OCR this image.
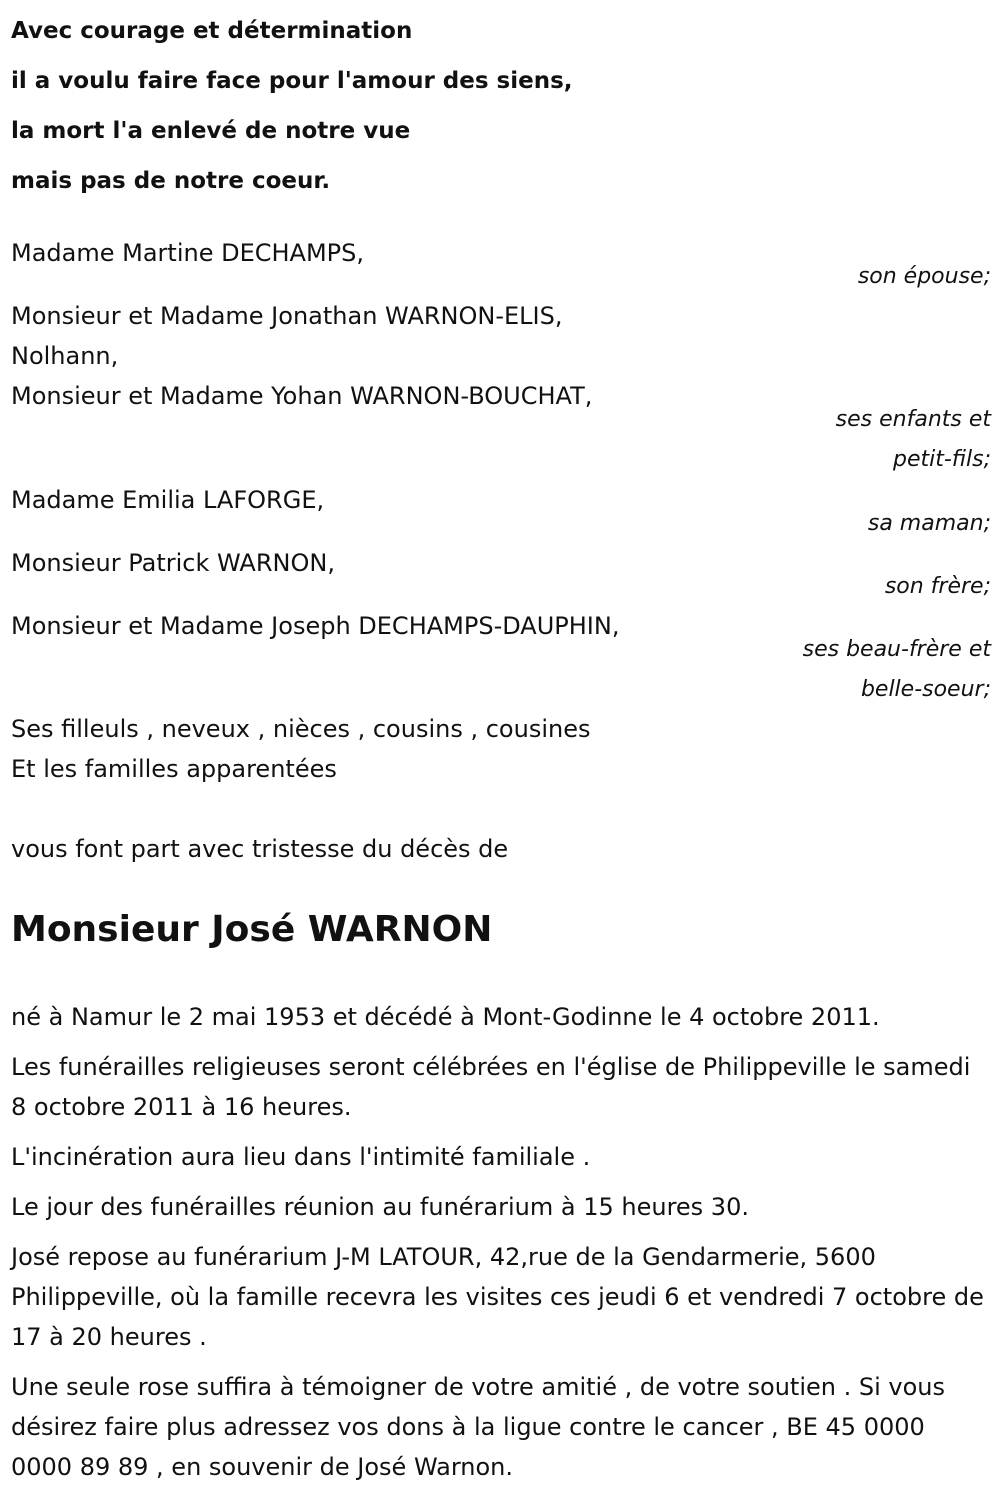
Avec courage et détermination

il a voulu faire face pour l'amour des siens,

la mort l'a enlevé de notre vue

mais pas de notre coeur.

Madame Martine DECHAMPS,
son épouse;
Monsieur et Madame Jonathan WARNON-ELIS,
Nolhann,
Monsieur et Madame Yohan WARNON-BOUCHAT,
ses enfants et
petit-fils;
Madame Emilia LAFORGE,
sa maman;
Monsieur Patrick WARNON,
son frère;
Monsieur et Madame Joseph DECHAMPS-DAUPHIN,
ses beau-frère et
belle-soeur;
Ses filleuls , neveux , nièces , cousins , cousines
Et les familles apparentées
vous font part avec tristesse du décès de
Monsieur José WARNON

né à Namur le 2 mai 1953 et décédé à Mont-Godinne le 4 octobre 2011.

Les funérailles religieuses seront célébrées en l'église de Philippeville le samedi 8 octobre 2011 à 16 heures.

L'incinération aura lieu dans l'intimité familiale .

Le jour des funérailles réunion au funérarium à 15 heures 30.

José repose au funérarium J-M LATOUR, 42,rue de la Gendarmerie, 5600 Philippeville, où la famille recevra les visites ces jeudi 6 et vendredi 7 octobre de 17 à 20 heures .

Une seule rose suffira à témoigner de votre amitié , de votre soutien . Si vous désirez faire plus adressez vos dons à la ligue contre le cancer , BE 45 0000 0000 89 89 , en souvenir de José Warnon.
